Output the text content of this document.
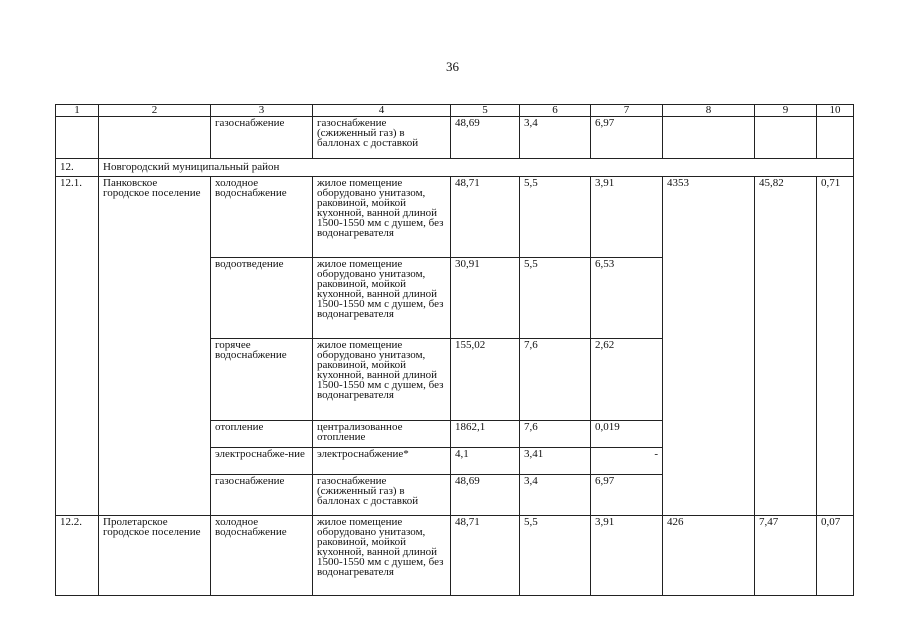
36
1	2	3	4	5	6	7	8	9	10
		газоснабжение	газоснабжение (сжиженный газ) в баллонах с доставкой	48,69	3,4	6,97			
12.	Новгородский муниципальный район								
12.1.	Панковское городское поселение	холодное водоснабжение	жилое помещение оборудовано унитазом, раковиной, мойкой кухонной, ванной длиной 1500-1550 мм с душем, без водонагревателя	48,71	5,5	3,91	4353	45,82	0,71
		водоотведение	жилое помещение оборудовано унитазом, раковиной, мойкой кухонной, ванной длиной 1500-1550 мм с душем, без водонагревателя	30,91	5,5	6,53			
		горячее водоснабжение	жилое помещение оборудовано унитазом, раковиной, мойкой кухонной, ванной длиной 1500-1550 мм с душем, без водонагревателя	155,02	7,6	2,62			
		отопление	централизованное отопление	1862,1	7,6	0,019			
		электроснабже-ние	электроснабжение*	4,1	3,41	-			
		газоснабжение	газоснабжение (сжиженный газ) в баллонах с доставкой	48,69	3,4	6,97			
12.2.	Пролетарское городское поселение	холодное водоснабжение	жилое помещение оборудовано унитазом, раковиной, мойкой кухонной, ванной длиной 1500-1550 мм с душем, без водонагревателя	48,71	5,5	3,91	426	7,47	0,07
